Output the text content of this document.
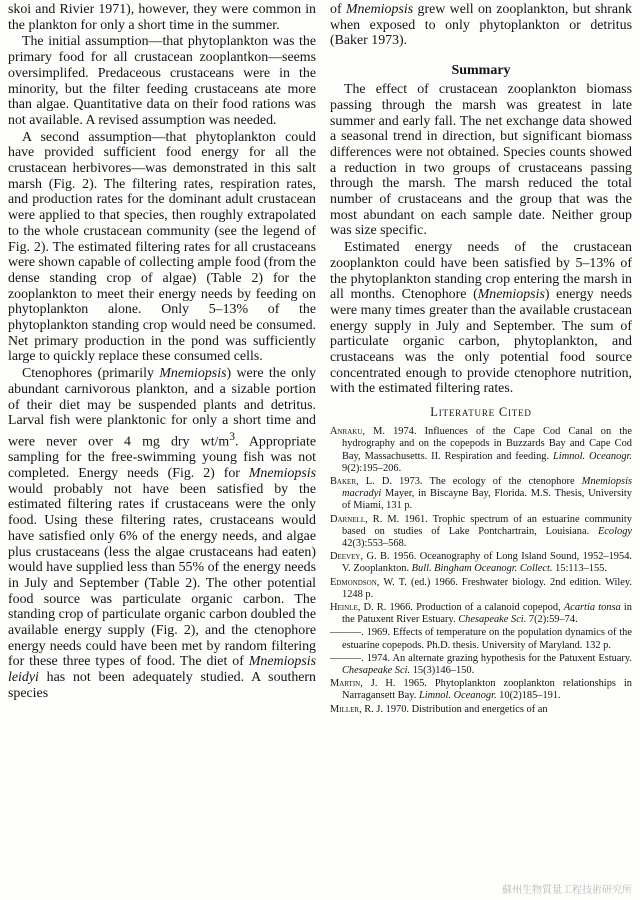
skoi and Rivier 1971), however, they were common in the plankton for only a short time in the summer.

The initial assumption—that phytoplankton was the primary food for all crustacean zooplantkon—seems oversimplifed. Predaceous crustaceans were in the minority, but the filter feeding crustaceans ate more than algae. Quantitative data on their food rations was not available. A revised assumption was needed.

A second assumption—that phytoplankton could have provided sufficient food energy for all the crustacean herbivores—was demonstrated in this salt marsh (Fig. 2). The filtering rates, respiration rates, and production rates for the dominant adult crustacean were applied to that species, then roughly extrapolated to the whole crustacean community (see the legend of Fig. 2). The estimated filtering rates for all crustaceans were shown capable of collecting ample food (from the dense standing crop of algae) (Table 2) for the zooplankton to meet their energy needs by feeding on phytoplankton alone. Only 5–13% of the phytoplankton standing crop would need be consumed. Net primary production in the pond was sufficiently large to quickly replace these consumed cells.

Ctenophores (primarily Mnemiopsis) were the only abundant carnivorous plankton, and a sizable portion of their diet may be suspended plants and detritus. Larval fish were planktonic for only a short time and were never over 4 mg dry $wt/m^3$. Appropriate sampling for the free-swimming young fish was not completed. Energy needs (Fig. 2) for Mnemiopsis would probably not have been satisfied by the estimated filtering rates if crustaceans were the only food. Using these filtering rates, crustaceans would have satisfied only 6% of the energy needs, and algae plus crustaceans (less the algae crustaceans had eaten) would have supplied less than 55% of the energy needs in July and September (Table 2). The other potential food source was particulate organic carbon. The standing crop of particulate organic carbon doubled the available energy supply (Fig. 2), and the ctenophore energy needs could have been met by random filtering for these three types of food. The diet of Mnemiopsis leidyi has not been adequately studied. A southern species

of Mnemiopsis grew well on zooplankton, but shrank when exposed to only phytoplankton or detritus (Baker 1973).

Summary

The effect of crustacean zooplankton biomass passing through the marsh was greatest in late summer and early fall. The net exchange data showed a seasonal trend in direction, but significant biomass differences were not obtained. Species counts showed a reduction in two groups of crustaceans passing through the marsh. The marsh reduced the total number of crustaceans and the group that was the most abundant on each sample date. Neither group was size specific.

Estimated energy needs of the crustacean zooplankton could have been satisfied by 5–13% of the phytoplankton standing crop entering the marsh in all months. Ctenophore (Mnemiopsis) energy needs were many times greater than the available crustacean energy supply in July and September. The sum of particulate organic carbon, phytoplankton, and crustaceans was the only potential food source concentrated enough to provide ctenophore nutrition, with the estimated filtering rates.

Literature Cited

Anraku, M. 1974. Influences of the Cape Cod Canal on the hydrography and on the copepods in Buzzards Bay and Cape Cod Bay, Massachusetts. II. Respiration and feeding. Limnol. Oceanogr. 9(2):195–206.

Baker, L. D. 1973. The ecology of the ctenophore Mnemiopsis macradyi Mayer, in Biscayne Bay, Florida. M.S. Thesis, University of Miami, 131 p.

Darnell, R. M. 1961. Trophic spectrum of an estuarine community based on studies of Lake Pontchartrain, Louisiana. Ecology 42(3):553–568.

Deevey, G. B. 1956. Oceanography of Long Island Sound, 1952–1954. V. Zooplankton. Bull. Bingham Oceanogr. Collect. 15:113–155.

Edmondson, W. T. (ed.) 1966. Freshwater biology. 2nd edition. Wiley. 1248 p.

Heinle, D. R. 1966. Production of a calanoid copepod, Acartia tonsa in the Patuxent River Estuary. Chesapeake Sci. 7(2):59–74.

———. 1969. Effects of temperature on the population dynamics of the estuarine copepods. Ph.D. thesis. University of Maryland. 132 p.

———. 1974. An alternate grazing hypothesis for the Patuxent Estuary. Chesapeake Sci. 15(3)146–150.

Martin, J. H. 1965. Phytoplankton zooplankton relationships in Narragansett Bay. Limnol. Oceanogr. 10(2)185–191.

Miller, R. J. 1970. Distribution and energetics of an

蘇州生物質量工程技術研究所
